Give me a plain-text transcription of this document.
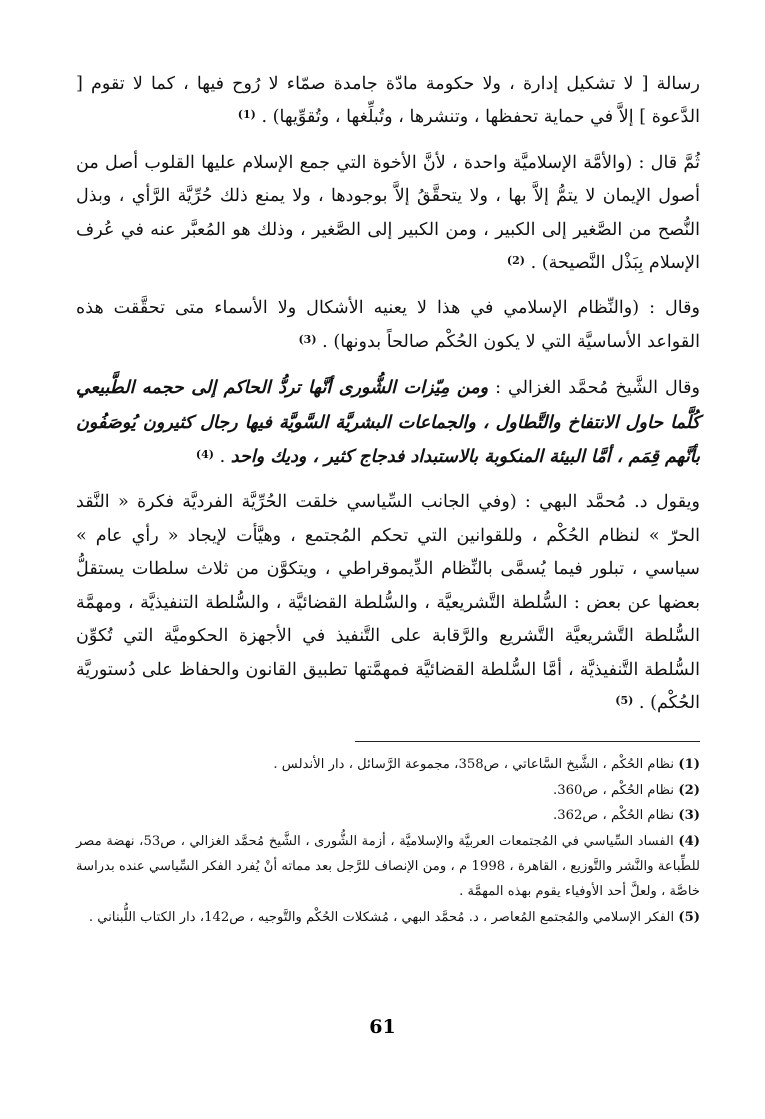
رسالة [ لا تشكيل إدارة ، ولا حكومة مادّة جامدة صمّاء لا رُوح فيها ، كما لا تقوم [ الدَّعوة ] إلاَّ في حماية تحفظها ، وتنشرها ، وتُبلِّغها ، وتُقوِّيها) . $^{(1)}$

ثُمَّ قال : (والأمَّة الإسلاميَّة واحدة ، لأنَّ الأخوة التي جمع الإسلام عليها القلوب أصل من أصول الإيمان لا يتمُّ إلاَّ بها ، ولا يتحقَّقُ إلاَّ بوجودها ، ولا يمنع ذلك حُرِّيَّة الرَّأي ، وبذل النُّصح من الصَّغير إلى الكبير ، ومن الكبير إلى الصَّغير ، وذلك هو المُعبَّر عنه في عُرف الإسلام بِبَذْل النَّصيحة) . $^{(2)}$

وقال : (والنِّظام الإسلامي في هذا لا يعنيه الأشكال ولا الأسماء متى تحقَّقت هذه القواعد الأساسيَّة التي لا يكون الحُكْم صالحاً بدونها) . $^{(3)}$

وقال الشَّيخ مُحمَّد الغزالي : ومن مِيّزات الشُّورى أنَّها تردُّ الحاكم إلى حجمه الطَّبيعي كُلَّما حاول الانتفاخ والتَّطاول ، والجماعات البشريَّة السَّويَّة فيها رجال كثيرون يُوصَفُون بأنَّهم قِمَم ، أمَّا البيئة المنكوبة بالاستبداد فدجاج كثير ، وديك واحد . $^{(4)}$

ويقول د. مُحمَّد البهي : (وفي الجانب السِّياسي خلقت الحُرِّيَّة الفرديَّة فكرة « النَّقد الحرّ » لنظام الحُكْم ، وللقوانين التي تحكم المُجتمع ، وهيَّأت لإيجاد « رأي عام » سياسي ، تبلور فيما يُسمَّى بالنِّظام الدِّيموقراطي ، ويتكوَّن من ثلاث سلطات يستقلُّ بعضها عن بعض : السُّلطة التَّشريعيَّة ، والسُّلطة القضائيَّة ، والسُّلطة التنفيذيَّة ، ومهمَّة السُّلطة التَّشريعيَّة التَّشريع والرَّقابة على التَّنفيذ في الأجهزة الحكوميَّة التي تُكوِّن السُّلطة التَّنفيذيَّة ، أمَّا السُّلطة القضائيَّة فمهمَّتها تطبيق القانون والحفاظ على دُستوريَّة الحُكْم) . $^{(5)}$

(1) نظام الحُكْم ، الشَّيخ السَّاعاتي ، ص358، مجموعة الرَّسائل ، دار الأندلس .

(2) نظام الحُكْم ، ص360.

(3) نظام الحُكْم ، ص362.

(4) الفساد السِّياسي في المُجتمعات العربيَّة والإسلاميَّة ، أزمة الشُّورى ، الشَّيخ مُحمَّد الغزالي ، ص53، نهضة مصر للطِّباعة والنَّشر والتَّوزيع ، القاهرة ، 1998 م ، ومن الإنصاف للرَّجل بعد مماته أنْ يُفرد الفكر السِّياسي عنده بدراسة خاصَّة ، ولعلَّ أحد الأوفياء يقوم بهذه المهمَّة .

(5) الفكر الإسلامي والمُجتمع المُعاصر ، د. مُحمَّد البهي ، مُشكلات الحُكْم والتَّوجيه ، ص142، دار الكتاب اللُّبناني .

61
